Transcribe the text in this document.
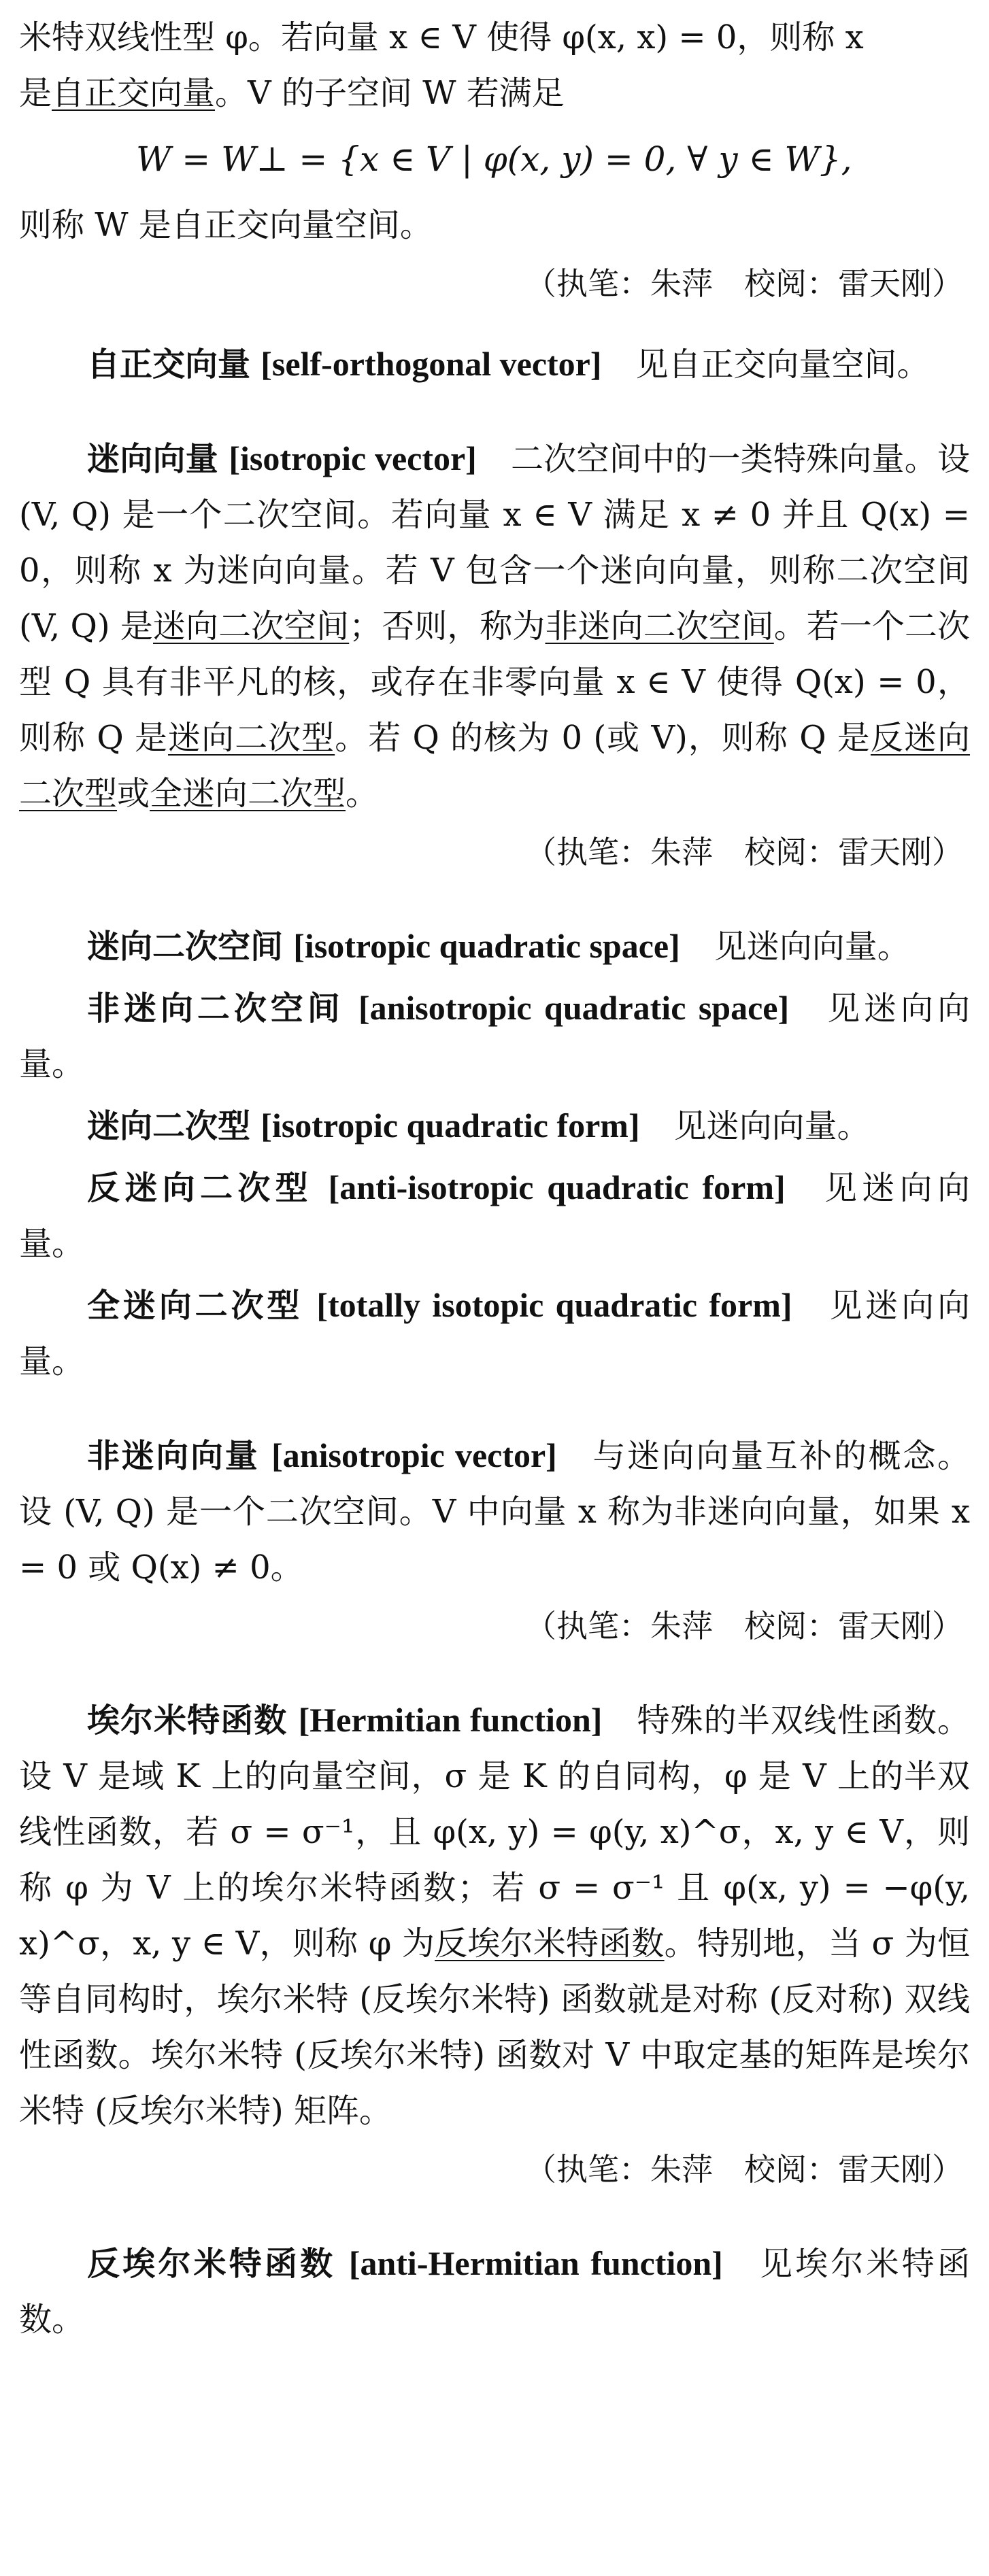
米特双线性型 φ。若向量 x ∈ V 使得 φ(x, x) = 0，则称 x

是自正交向量。V 的子空间 W 若满足

W = W⊥ = {x ∈ V | φ(x, y) = 0, ∀ y ∈ W},

则称 W 是自正交向量空间。

（执笔：朱萍　校阅：雷天刚）

自正交向量 [self-orthogonal vector] 见自正交向量空间。

迷向向量 [isotropic vector] 二次空间中的一类特殊向量。设 (V, Q) 是一个二次空间。若向量 x ∈ V 满足 x ≠ 0 并且 Q(x) = 0，则称 x 为迷向向量。若 V 包含一个迷向向量，则称二次空间 (V, Q) 是迷向二次空间；否则，称为非迷向二次空间。若一个二次型 Q 具有非平凡的核，或存在非零向量 x ∈ V 使得 Q(x) = 0，则称 Q 是迷向二次型。若 Q 的核为 0 (或 V)，则称 Q 是反迷向二次型或全迷向二次型。

（执笔：朱萍　校阅：雷天刚）

迷向二次空间 [isotropic quadratic space] 见迷向向量。

非迷向二次空间 [anisotropic quadratic space] 见迷向向量。

迷向二次型 [isotropic quadratic form] 见迷向向量。

反迷向二次型 [anti-isotropic quadratic form] 见迷向向量。

全迷向二次型 [totally isotopic quadratic form] 见迷向向量。

非迷向向量 [anisotropic vector] 与迷向向量互补的概念。设 (V, Q) 是一个二次空间。V 中向量 x 称为非迷向向量，如果 x = 0 或 Q(x) ≠ 0。

（执笔：朱萍　校阅：雷天刚）

埃尔米特函数 [Hermitian function] 特殊的半双线性函数。设 V 是域 K 上的向量空间，σ 是 K 的自同构，φ 是 V 上的半双线性函数，若 σ = σ⁻¹，且 φ(x, y) = φ(y, x)^σ，x, y ∈ V，则称 φ 为 V 上的埃尔米特函数；若 σ = σ⁻¹ 且 φ(x, y) = −φ(y, x)^σ，x, y ∈ V，则称 φ 为反埃尔米特函数。特别地，当 σ 为恒等自同构时，埃尔米特 (反埃尔米特) 函数就是对称 (反对称) 双线性函数。埃尔米特 (反埃尔米特) 函数对 V 中取定基的矩阵是埃尔米特 (反埃尔米特) 矩阵。

（执笔：朱萍　校阅：雷天刚）

反埃尔米特函数 [anti-Hermitian function] 见埃尔米特函数。
